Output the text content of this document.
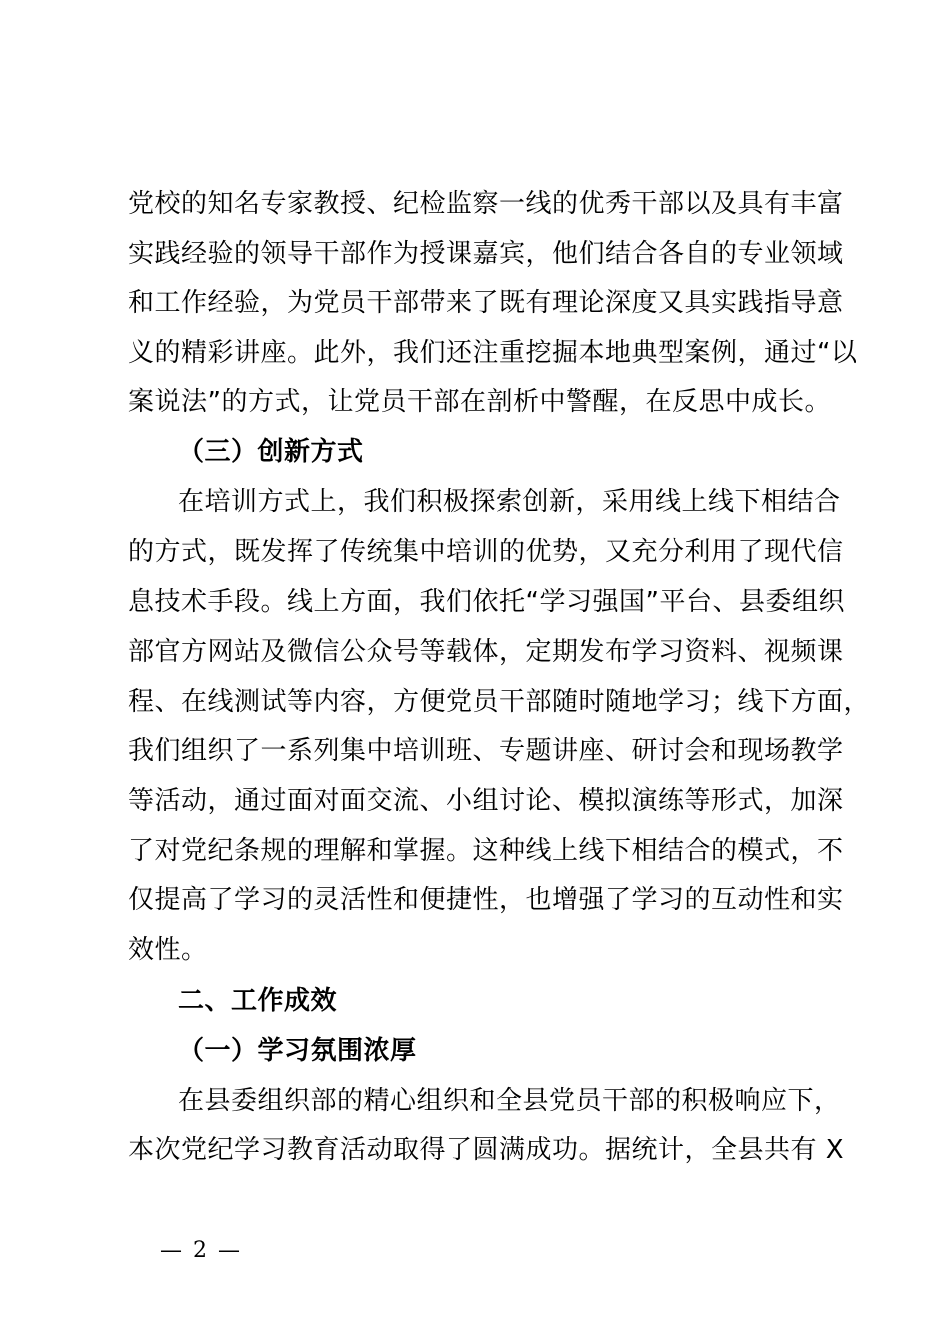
党校的知名专家教授、纪检监察一线的优秀干部以及具有丰富
实践经验的领导干部作为授课嘉宾，他们结合各自的专业领域
和工作经验，为党员干部带来了既有理论深度又具实践指导意
义的精彩讲座。此外，我们还注重挖掘本地典型案例，通过“以
案说法”的方式，让党员干部在剖析中警醒，在反思中成长。
（三）创新方式
在培训方式上，我们积极探索创新，采用线上线下相结合
的方式，既发挥了传统集中培训的优势，又充分利用了现代信
息技术手段。线上方面，我们依托“学习强国”平台、县委组织
部官方网站及微信公众号等载体，定期发布学习资料、视频课
程、在线测试等内容，方便党员干部随时随地学习；线下方面，
我们组织了一系列集中培训班、专题讲座、研讨会和现场教学
等活动，通过面对面交流、小组讨论、模拟演练等形式，加深
了对党纪条规的理解和掌握。这种线上线下相结合的模式，不
仅提高了学习的灵活性和便捷性，也增强了学习的互动性和实
效性。
二、工作成效
（一）学习氛围浓厚
在县委组织部的精心组织和全县党员干部的积极响应下，
本次党纪学习教育活动取得了圆满成功。据统计，全县共有 X
— 2 —
